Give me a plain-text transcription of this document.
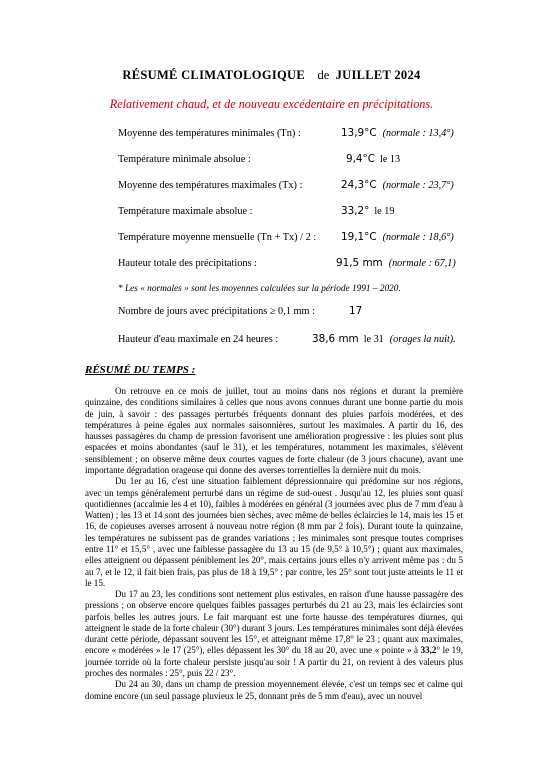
RÉSUMÉ CLIMATOLOGIQUE de JUILLET 2024
Relativement chaud, et de nouveau excédentaire en précipitations.
Moyenne des températures minimales (Tn) :	13,9°C (normale : 13,4°)
Température minimale absolue :	9,4°C le 13
Moyenne des températures maximales (Tx) :	24,3°C (normale : 23,7°)
Température maximale absolue :	33,2° le 19
Température moyenne mensuelle (Tn + Tx) / 2 : 19,1°C (normale : 18,6°)
Hauteur totale des précipitations :	91,5 mm (normale : 67,1)
* Les « normales » sont les moyennes calculées sur la période 1991 – 2020.
Nombre de jours avec précipitations ≥ 0,1 mm :	17
Hauteur d'eau maximale en 24 heures :	38,6 mm le 31 (orages la nuit).
RÉSUMÉ DU TEMPS :

On retrouve en ce mois de juillet, tout au moins dans nos régions et durant la première quinzaine, des conditions similaires à celles que nous avons connues durant une bonne partie du mois de juin, à savoir : des passages perturbés fréquents donnant des pluies parfois modérées, et des températures à peine égales aux normales saisonnières, surtout les maximales. A partir du 16, des hausses passagères du champ de pression favorisent une amélioration progressive : les pluies sont plus espacées et moins abondantes (sauf le 31), et les températures, notamment les maximales, s'élèvent sensiblement ; on observe même deux courtes vagues de forte chaleur (de 3 jours chacune), avant une importante dégradation orageuse qui donne des averses torrentielles la dernière nuit du mois.

Du 1er au 16, c'est une situation faiblement dépressionnaire qui prédomine sur nos régions, avec un temps généralement perturbé dans un régime de sud-ouest . Jusqu'au 12, les pluies sont quasi quotidiennes (accalmie les 4 et 10), faibles à modérées en général (3 journées avec plus de 7 mm d'eau à Watten) ; les 13 et 14 sont des journées bien sèches, avec même de belles éclaircies le 14, mais les 15 et 16, de copieuses averses arrosent à nouveau notre région (8 mm par 2 fois). Durant toute la quinzaine, les températures ne subissent pas de grandes variations ; les minimales sont presque toutes comprises entre 11° et 15,5° , avec une faiblesse passagère du 13 au 15 (de 9,5° à 10,5°) ; quant aux maximales, elles atteignent ou dépassent péniblement les 20°, mais certains jours elles n'y arrivent même pas : du 5 au 7, et le 12, il fait bien frais, pas plus de 18 à 19,5° ; par contre, les 25° sont tout juste atteints le 11 et le 15.

Du 17 au 23, les conditions sont nettement plus estivales, en raison d'une hausse passagère des pressions ; on observe encore quelques faibles passages perturbés du 21 au 23, mais les éclaircies sont parfois belles les autres jours. Le fait marquant est une forte hausse des températures diurnes, qui atteignent le stade de la forte chaleur (30°) durant 3 jours. Les températures minimales sont déjà élevées durant cette période, dépassant souvent les 15°, et atteignant même 17,8° le 23 ; quant aux maximales, encore « modérées » le 17 (25°), elles dépassent les 30° du 18 au 20, avec une « pointe » à 33,2° le 19, journée torride où la forte chaleur persiste jusqu'au soir ! A partir du 21, on revient à des valeurs plus proches des normales : 25°, puis 22 / 23°.

Du 24 au 30, dans un champ de pression moyennement élevée, c'est un temps sec et calme qui domine encore (un seul passage pluvieux le 25, donnant près de 5 mm d'eau), avec un nouvel
